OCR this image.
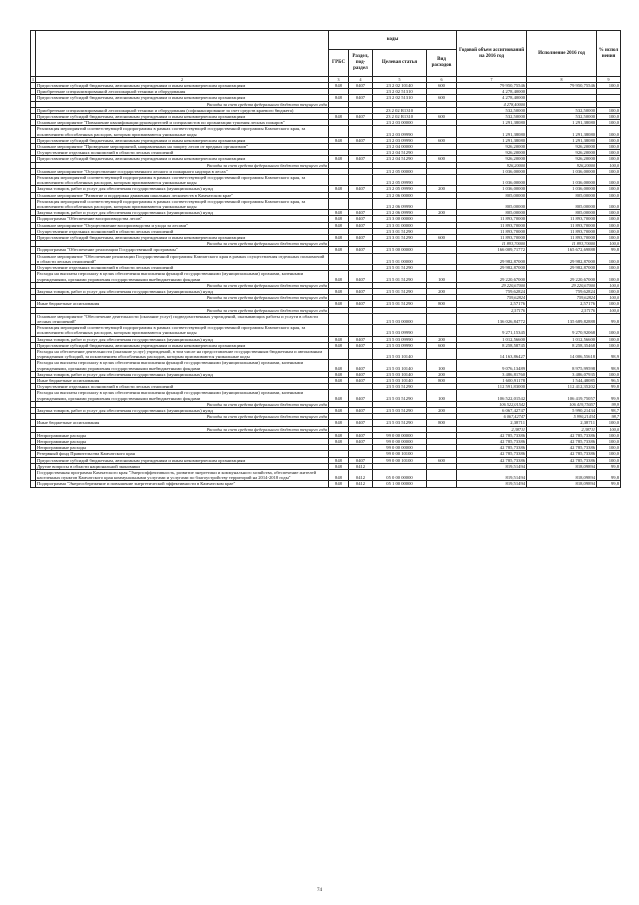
		коды				Годовой объем ассигнований на 2016 год	Исполнение 2016 год	% испол нения
		ГРБС	Раздел, под-раздел	Целевая статья	Вид расходов			
1	2	3	4	5	6	7	8	9
	Предоставление субсидий бюджетным, автономным учреждениям и иным некоммерческим организациям	848	0407	23 2 02 10140	600	79 950,75546	79 950,75546	100,0
	Приобретение специализированной лесопожарной техники и оборудования			23 2 02 51310		4 278,40000		
	Предоставление субсидий бюджетным, автономным учреждениям и иным некоммерческим организациям	848	0407	23 2 02 51310	600	4 278,40000		
	Расходы за счет средств федерального бюджета текущего года					4 278,40000		
	Приобретение специализированной лесопожарной техники и оборудования (софинансирование за счет средств краевого бюджета)			23 2 02 R1310		532,50000	532,50000	100,0
	Предоставление субсидий бюджетным, автономным учреждениям и иным некоммерческим организациям	848	0407	23 2 02 R1310	600	532,50000	532,50000	100,0
	Основное мероприятие "Повышение квалификации руководителей и специалистов по организации тушения лесных пожаров"			23 2 03 00000		1 291,38080	1 291,38080	100,0
	Реализация мероприятий соответствующей подпрограммы в рамках соответствующей государственной программы Камчатского края, за исключением обособленных расходов, которым присваиваются уникальные коды			23 2 03 09990		1 291,38080	1 291,38080	100,0
	Предоставление субсидий бюджетным, автономным учреждениям и иным некоммерческим организациям	848	0407	23 2 03 09990	600	1 291,38080	1 291,38080	100,0
	Основное мероприятие "Проведение мероприятий, направленных на защиту лесов от вредных организмов"			23 2 04 00000		926,20000	926,20000	100,0
	Осуществление отдельных полномочий в области лесных отношений			23 2 04 51290		926,20000	926,20000	100,0
	Предоставление субсидий бюджетным, автономным учреждениям и иным некоммерческим организациям	848	0407	23 2 04 51290	600	926,20000	926,20000	100,0
	Расходы за счет средств федерального бюджета текущего года					926,20000	926,20000	100,0
	Основное мероприятие "Осуществление государственного лесного и пожарного надзора в лесах"			23 2 05 00000		1 036,00000	1 036,00000	100,0
	Реализация мероприятий соответствующей подпрограммы в рамках соответствующей государственной программы Камчатского края, за исключением обособленных расходов, которым присваиваются уникальные коды			23 2 05 09990		1 036,00000	1 036,00000	100,0
	Закупка товаров, работ и услуг для обеспечения государственных (муниципальных) нужд	848	0407	23 2 05 09990	200	1 036,00000	1 036,00000	100,0
	Основное мероприятие "Развитие и поддержка движения школьных лесничеств в Камчатском крае"			23 2 06 00000		805,00000	805,00000	100,0
	Реализация мероприятий соответствующей подпрограммы в рамках соответствующей государственной программы Камчатского края, за исключением обособленных расходов, которым присваиваются уникальные коды			23 2 06 09990		805,00000	805,00000	100,0
	Закупка товаров, работ и услуг для обеспечения государственных (муниципальных) нужд	848	0407	23 2 06 09990	200	805,00000	805,00000	100,0
	Подпрограмма "Обеспечение воспроизводства лесов"	848	0407	23 3 00 00000		11 893,70000	11 893,70000	100,0
	Основное мероприятие "Осуществление воспроизводства и ухода за лесами"	848	0407	23 3 01 00000		11 893,70000	11 893,70000	100,0
	Осуществление отдельных полномочий в области лесных отношений			23 3 01 51290		11 893,70000	11 893,70000	100,0
	Предоставление субсидий бюджетным, автономным учреждениям и иным некоммерческим организациям	848	0407	23 3 01 51290	600	11 893,70000	11 893,70000	100,0
	Расходы за счет средств федерального бюджета текущего года					11 893,70000	11 893,70000	100,0
	Подпрограмма "Обеспечение реализации Государственной программы"	848	0407	23 5 00 00000		166 009,71772	165 672,69888	99,8
	Основное мероприятие "Обеспечение реализации Государственной программы Камчатского края в рамках осуществления отдельных полномочий в области лесных отношений"			23 5 01 00000		29 982,87000	29 982,87000	100,0
	Осуществление отдельных полномочий в области лесных отношений			23 5 01 51290		29 982,87000	29 982,87000	100,0
	Расходы на выплаты персоналу в целях обеспечения выполнения функций государственными (муниципальными) органами, казенными учреждениями, органами управления государственными внебюджетными фондами	848	0407	23 5 01 51290	100	29 220,67000	29 220,67000	100,0
	Расходы за счет средств федерального бюджета текущего года					29 220,67000	29 220,67000	100,0
	Закупка товаров, работ и услуг для обеспечения государственных (муниципальных) нужд	848	0407	23 5 01 51290	200	759,62824	759,62824	100,0
	Расходы за счет средств федерального бюджета текущего года					759,62824	759,62824	100,0
	Иные бюджетные ассигнования	848	0407	23 5 01 51290	800	2,57176	2,57176	100,0
	Расходы за счет средств федерального бюджета текущего года					2,57176	2,57176	100,0
	Основное мероприятие "Обеспечение деятельности (оказание услуг) подведомственных учреждений, оказывающих работы и услуги в области лесных отношений"			23 5 03 00000		136 026,84772	135 689,82888	99,8
	Реализация мероприятий соответствующей подпрограммы в рамках соответствующей государственной программы Камчатского края, за исключением обособленных расходов, которым присваиваются уникальные коды			23 5 03 09990		9 271,15345	9 270,92068	100,0
	Закупка товаров, работ и услуг для обеспечения государственных (муниципальных) нужд	848	0407	23 5 03 09990	200	1 012,56600	1 012,56600	100,0
	Предоставление субсидий бюджетным, автономным учреждениям и иным некоммерческим организациям	848	0407	23 5 03 09990	600	8 258,58745	8 258,35468	100,0
	Расходы на обеспечение деятельности (оказание услуг) учреждений, в том числе на предоставление государственным бюджетным и автономным учреждениям субсидий, за исключением обособленных расходов, которым присваиваются уникальные коды			23 5 03 10140		14 163,86427	14 006,55618	98,9
	Расходы на выплаты персоналу в целях обеспечения выполнения функций государственными (муниципальными) органами, казенными учреждениями, органами управления государственными внебюджетными фондами	848	0407	23 5 03 10140	100	9 076,13489	8 975,99598	98,9
	Закупка товаров, работ и услуг для обеспечения государственных (муниципальных) нужд	848	0407	23 5 03 10140	200	3 486,81760	3 486,07935	100,0
	Иные бюджетные ассигнования	848	0407	23 5 03 10140	800	1 600,91178	1 544,48085	96,5
	Осуществление отдельных полномочий в области лесных отношений			23 5 03 51290		112 591,83000	112 412,35202	99,8
	Расходы на выплаты персоналу в целях обеспечения выполнения функций государственными (муниципальными) органами, казенными учреждениями, органами управления государственными внебюджетными фондами	848	0407	23 5 03 51290	100	106 522,01542	106 419,75057	99,9
	Расходы за счет средств федерального бюджета текущего года					106 522,01542	106 419,75057	99,9
	Закупка товаров, работ и услуг для обеспечения государственных (муниципальных) нужд	848	0407	23 5 03 51290	200	6 067,42747	5 990,21434	98,7
	Расходы за счет средств федерального бюджета текущего года					6 067,42747	5 990,21434	98,7
	Иные бюджетные ассигнования	848	0407	23 5 03 51290	800	2,38711	2,38711	100,0
	Расходы за счет средств федерального бюджета текущего года					2,38711	2,38711	100,0
	Непрограммные расходы	848	0407	99 0 00 00000		42 785,73386	42 785,73386	100,0
	Непрограммные расходы	848	0407	99 0 00 00000		42 785,73386	42 785,73386	100,0
	Непрограммные расходы			99 0 00 00000		42 785,73386	42 785,73386	100,0
	Резервный фонд Правительства Камчатского края			99 0 00 10100		42 785,73386	42 785,73386	100,0
	Предоставление субсидий бюджетным, автономным учреждениям и иным некоммерческим организациям	848	0407	99 0 00 10100	600	42 785,73386	42 785,73386	100,0
	Другие вопросы в области национальной экономики	848	0412			819,51494	818,09894	99,8
	Государственная программа Камчатского края "Энергоэффективность, развитие энергетики и коммунального хозяйства, обеспечение жителей населенных пунктов Камчатского края коммунальными услугами и услугами по благоустройству территорий на 2014-2018 годы"	848	0412	05 0 00 00000		819,51494	818,09894	99,8
	Подпрограмма "Энергосбережение и повышение энергетической эффективности в Камчатском крае"	848	0412	05 1 00 00000		819,51494	818,09894	99,8
74
